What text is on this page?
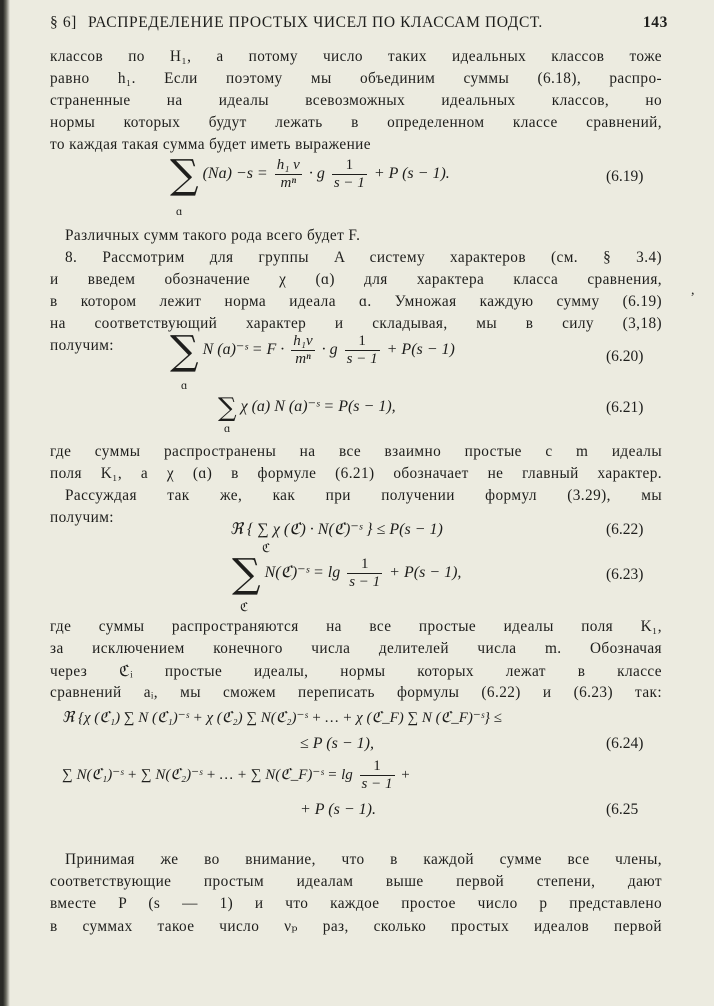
§ 6] РАСПРЕДЕЛЕНИЕ ПРОСТЫХ ЧИСЕЛ ПО КЛАССАМ ПОДСТ.	143
классов по H₁, а потому число таких идеальных классов тоже
равно h₁. Если поэтому мы объединим суммы (6.18), распро-
страненные на идеалы всевозможных идеальных классов, но
нормы которых будут лежать в определенном классе сравнений,
то каждая такая сумма будет иметь выражение
∑ (Nɑ) $-s = \frac{\text{h₁ v}}{\text{mⁿ}} \cdot g \frac{1}{s - 1} + P$ (s − 1).
ɑ
(6.19)
Различных сумм такого рода всего будет F.
8. Рассмотрим для группы A систему характеров (см. § 3.4)
и введем обозначение χ (ɑ) для характера класса сравнения,
в котором лежит норма идеала ɑ. Умножая каждую сумму (6.19)
на соответствующий характер и складывая, мы в силу (3,18)
получим:
,
∑ N (ɑ)⁻ˢ = $F \cdot \frac{\text{h₁v}}{\text{mⁿ}} \cdot g \frac{1}{s - 1} + P(s - 1)$
ɑ
(6.20)
∑ χ (ɑ) N (ɑ)⁻ˢ = P(s − 1),
ɑ
(6.21)
где суммы распространены на все взаимно простые с m идеалы
поля K₁, а χ (ɑ) в формуле (6.21) обозначает не главный характер.
Рассуждая так же, как при получении формул (3.29), мы
получим:
ℜ { ∑ χ (ℭ) · N(ℭ)⁻ˢ } ≤ P(s − 1)
ℭ
(6.22)
∑ N(ℭ)⁻ˢ = $\lg \frac{1}{s - 1} + P(s - 1)$,
ℭ
(6.23)
где суммы распространяются на все простые идеалы поля K₁,
за исключением конечного числа делителей числа m. Обозначая
через ℭᵢ простые идеалы, нормы которых лежат в классе
сравнений aᵢ, мы сможем переписать формулы (6.22) и (6.23) так:
ℜ {χ (ℭ₁) ∑ N (ℭ₁)⁻ˢ + χ (ℭ₂) ∑ N(ℭ₂)⁻ˢ + … + χ (ℭ_F) ∑ N (ℭ_F)⁻ˢ} ≤
≤ P (s − 1),	(6.24)
∑ N(ℭ₁)⁻ˢ + ∑ N(ℭ₂)⁻ˢ + … + ∑ N(ℭ_F)⁻ˢ = $\lg \frac{1}{s - 1}$ +
+ P (s − 1).	(6.25
Принимая же во внимание, что в каждой сумме все члены,
соответствующие простым идеалам выше первой степени, дают
вместе P (s — 1) и что каждое простое число p представлено
в суммах такое число νₚ раз, сколько простых идеалов первой
